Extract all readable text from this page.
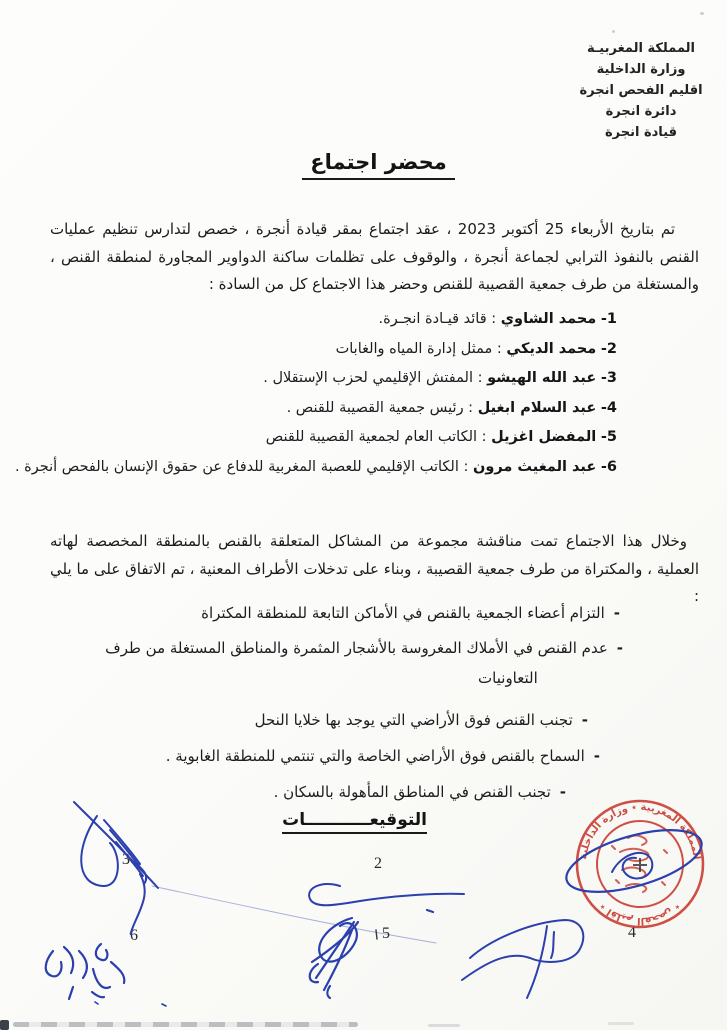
المملكة المغربيـة
وزارة الداخلية
اقليم الفحص انجرة
دائرة انجرة
قيادة انجرة
محضر اجتماع

تم بتاريخ الأربعاء 25 أكتوبر 2023 ، عقد اجتماع بمقر قيادة أنجرة ، خصص لتدارس تنظيم عمليات القنص بالنفوذ الترابي لجماعة أنجرة ، والوقوف على تظلمات ساكنة الدواوير المجاورة لمنطقة القنص ، والمستغلة من طرف جمعية القصيبة للقنص وحضر هذا الاجتماع كل من السادة :

1- محمد الشاوي : قائد قيـادة انجـرة.
2- محمد الديكي : ممثل إدارة المياه والغابات
3- عبد الله الهيشو : المفتش الإقليمي لحزب الإستقلال .
4- عبد السلام ابغيل : رئيس جمعية القصيبة للقنص .
5- المفضل اغزيل : الكاتب العام لجمعية القصيبة للقنص
6- عبد المغيث مرون : الكاتب الإقليمي للعصبة المغربية للدفاع عن حقوق الإنسان بالفحص أنجرة .

وخلال هذا الاجتماع تمت مناقشة مجموعة من المشاكل المتعلقة بالقنص بالمنطقة المخصصة لهاته العملية ، والمكتراة من طرف جمعية القصيبة ، وبناء على تدخلات الأطراف المعنية ، تم الاتفاق على ما يلي :

-
التزام أعضاء الجمعية بالقنص في الأماكن التابعة للمنطقة المكتراة
-
عدم القنص في الأملاك المغروسة بالأشجار المثمرة والمناطق المستغلة من طرف التعاونيات
-
تجنب القنص فوق الأراضي التي يوجد بها خلايا النحل
-
السماح بالقنص فوق الأراضي الخاصة والتي تنتمي للمنطقة الغابوية .
-
تجنب القنص في المناطق المأهولة بالسكان .
التوقيعـــــــــــات
2
3
4
5
6
المملكة المغربية ٭ وزارة الداخلية
٭ اقليم الفحص ٭
